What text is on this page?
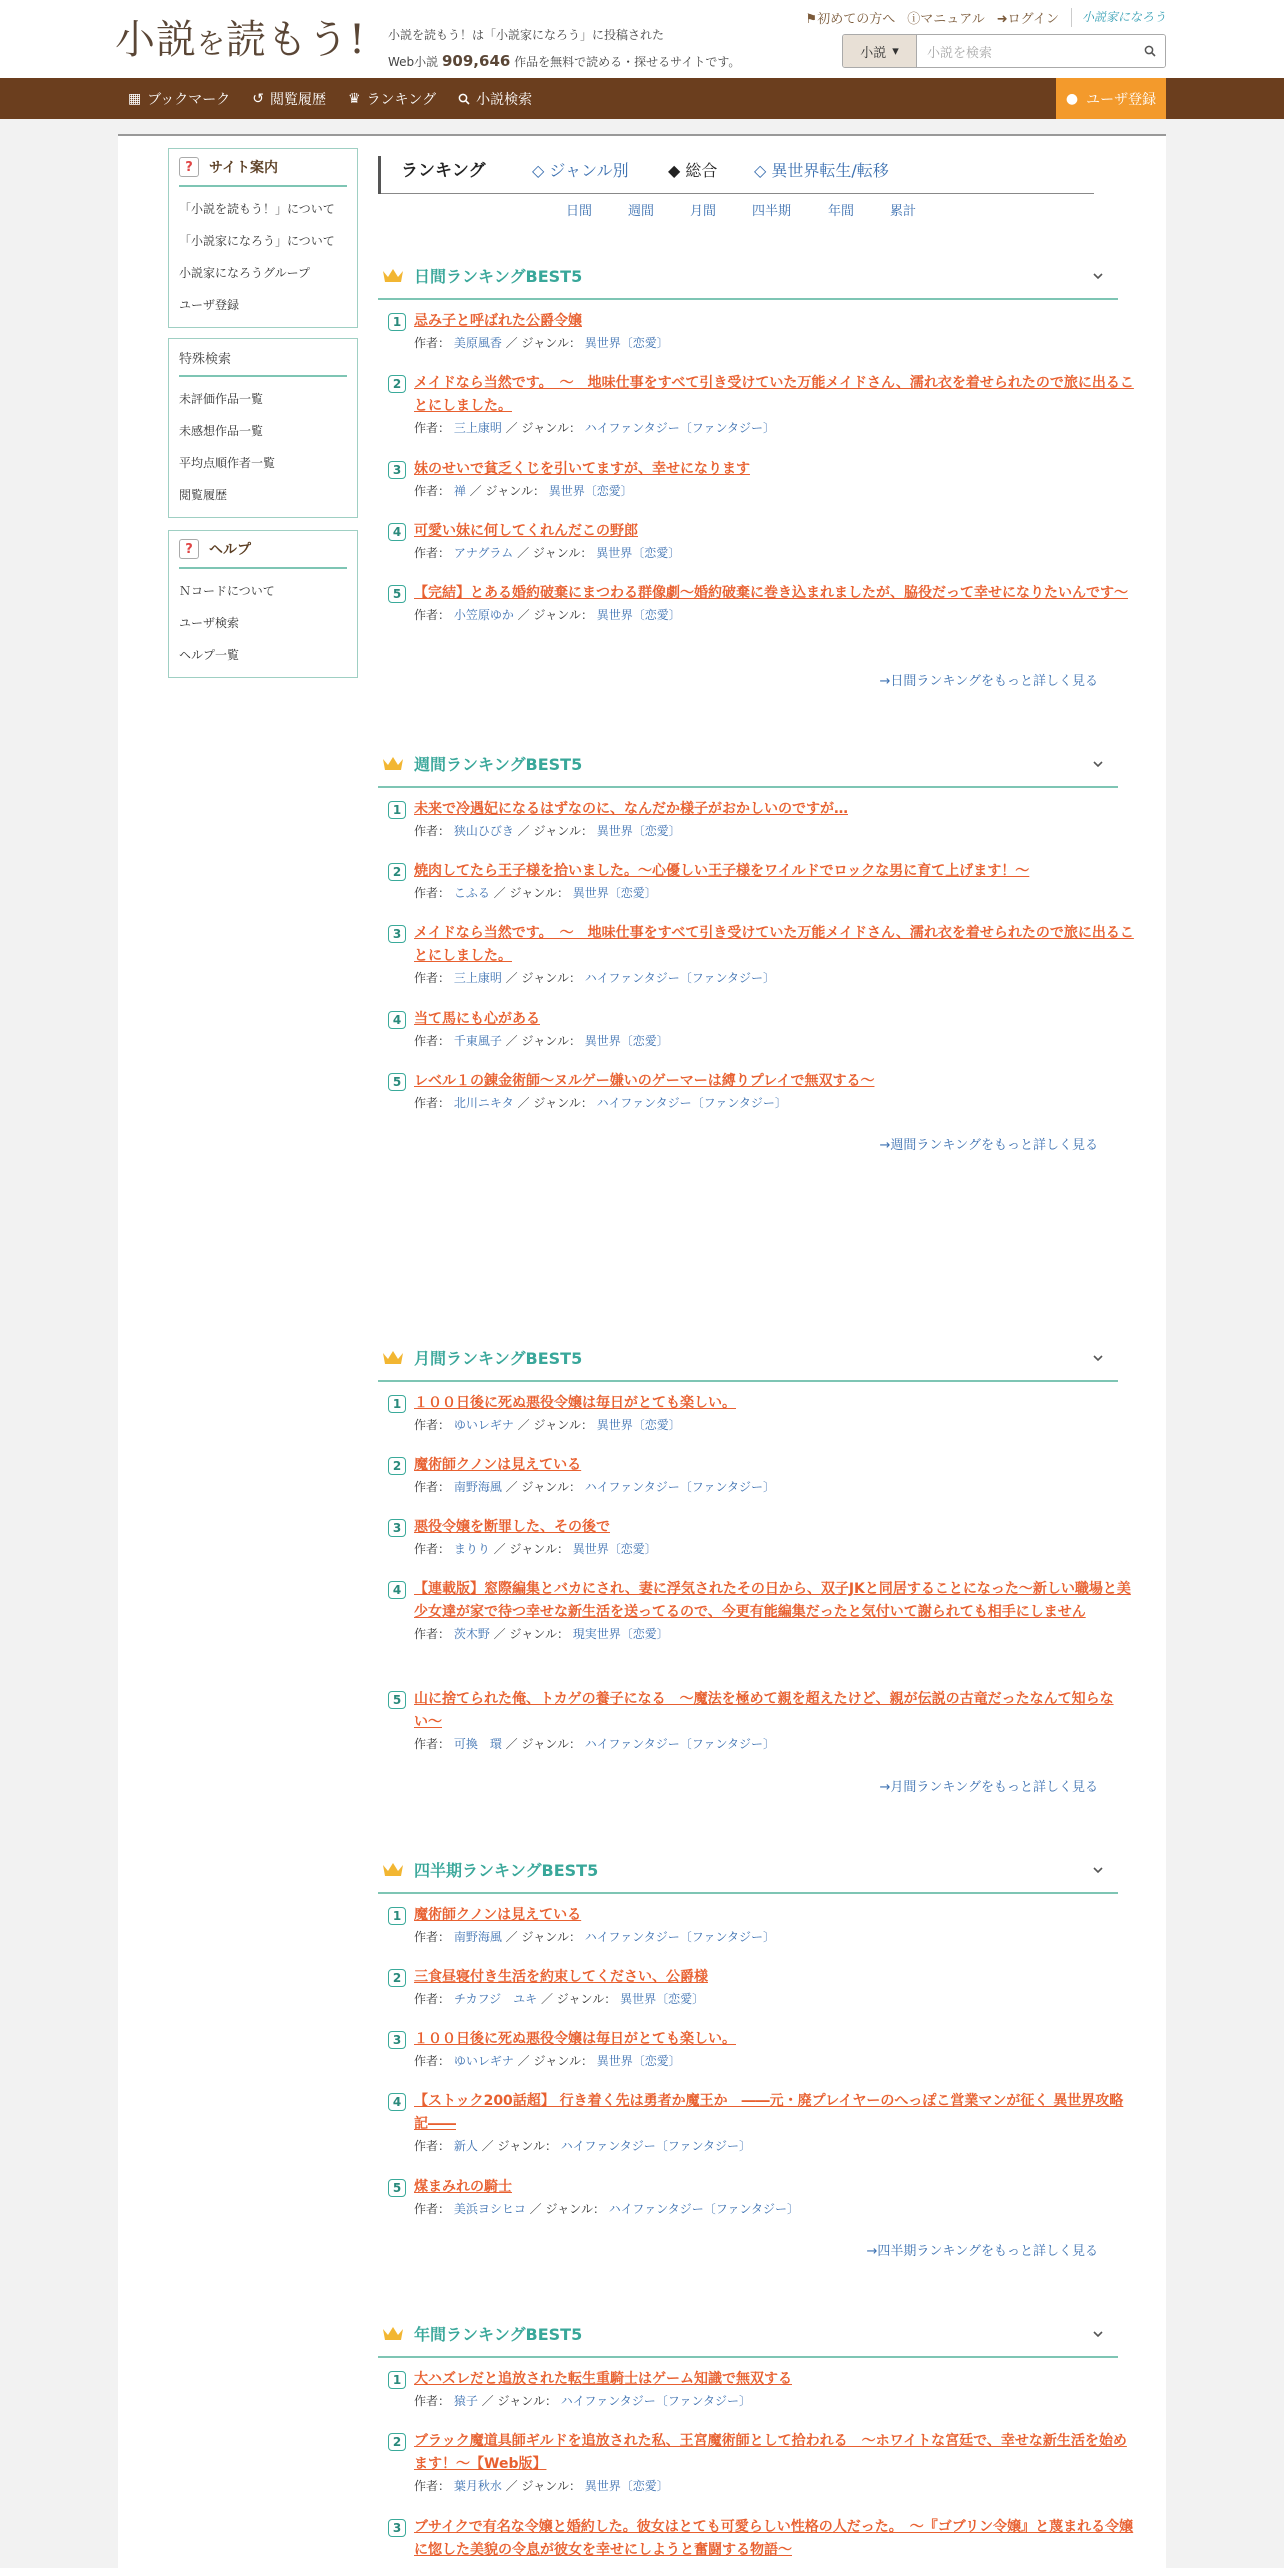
小説を読もう!	小説を読もう！は「小説家になろう」に投稿された
Web小説 909,646 作品を無料で読める・探せるサイトです。
⚑初めての方へ ⓘマニュアル ➜ログイン	小説家になろう
小説 ▾	小説を検索
▦ ブックマーク ↺ 閲覧履歴 ♛ ランキング	小説検索	● ユーザ登録
?	サイト案内
「小説を読もう！」について
「小説家になろう」について
小説家になろうグループ
ユーザ登録
特殊検索
未評価作品一覧
未感想作品一覧
平均点順作者一覧
閲覧履歴
?	ヘルプ
Ｎコードについて
ユーザ検索
ヘルプ一覧
ランキング	◇ ジャンル別 ◆ 総合 ◇ 異世界転生/転移
日間	週間	月間	四半期	年間	累計
日間ランキングBEST5
1 忌み子と呼ばれた公爵令嬢
作者： 美原風香 ／ ジャンル： 異世界〔恋愛〕
2 メイドなら当然です。　〜　地味仕事をすべて引き受けていた万能メイドさん、濡れ衣を着せられたので旅に出ることにしました。
作者： 三上康明 ／ ジャンル： ハイファンタジー〔ファンタジー〕
3 妹のせいで貧乏くじを引いてますが、幸せになります
作者： 禅 ／ ジャンル： 異世界〔恋愛〕
4 可愛い妹に何してくれんだこの野郎
作者： アナグラム ／ ジャンル： 異世界〔恋愛〕
5 【完結】とある婚約破棄にまつわる群像劇～婚約破棄に巻き込まれましたが、脇役だって幸せになりたいんです～
作者： 小笠原ゆか ／ ジャンル： 異世界〔恋愛〕
→日間ランキングをもっと詳しく見る
週間ランキングBEST5
1 未来で冷遇妃になるはずなのに、なんだか様子がおかしいのですが…
作者： 狭山ひびき ／ ジャンル： 異世界〔恋愛〕
2 焼肉してたら王子様を拾いました。～心優しい王子様をワイルドでロックな男に育て上げます！～
作者： こふる ／ ジャンル： 異世界〔恋愛〕
3 メイドなら当然です。　〜　地味仕事をすべて引き受けていた万能メイドさん、濡れ衣を着せられたので旅に出ることにしました。
作者： 三上康明 ／ ジャンル： ハイファンタジー〔ファンタジー〕
4 当て馬にも心がある
作者： 千東風子 ／ ジャンル： 異世界〔恋愛〕
5 レベル１の錬金術師～ヌルゲー嫌いのゲーマーは縛りプレイで無双する～
作者： 北川ニキタ ／ ジャンル： ハイファンタジー〔ファンタジー〕
→週間ランキングをもっと詳しく見る
月間ランキングBEST5
1 １００日後に死ぬ悪役令嬢は毎日がとても楽しい。
作者： ゆいレギナ ／ ジャンル： 異世界〔恋愛〕
2 魔術師クノンは見えている
作者： 南野海風 ／ ジャンル： ハイファンタジー〔ファンタジー〕
3 悪役令嬢を断罪した、その後で
作者： まりり ／ ジャンル： 異世界〔恋愛〕
4 【連載版】窓際編集とバカにされ、妻に浮気されたその日から、双子JKと同居することになった〜新しい職場と美少女達が家で待つ幸せな新生活を送ってるので、今更有能編集だったと気付いて謝られても相手にしません
作者： 茨木野 ／ ジャンル： 現実世界〔恋愛〕
5 山に捨てられた俺、トカゲの養子になる　〜魔法を極めて親を超えたけど、親が伝説の古竜だったなんて知らない〜
作者： 可換　環 ／ ジャンル： ハイファンタジー〔ファンタジー〕
→月間ランキングをもっと詳しく見る
四半期ランキングBEST5
1 魔術師クノンは見えている
作者： 南野海風 ／ ジャンル： ハイファンタジー〔ファンタジー〕
2 三食昼寝付き生活を約束してください、公爵様
作者： チカフジ　ユキ ／ ジャンル： 異世界〔恋愛〕
3 １００日後に死ぬ悪役令嬢は毎日がとても楽しい。
作者： ゆいレギナ ／ ジャンル： 異世界〔恋愛〕
4 【ストック200話超】 行き着く先は勇者か魔王か　――元・廃プレイヤーのへっぽこ営業マンが征く 異世界攻略記――
作者： 新人 ／ ジャンル： ハイファンタジー〔ファンタジー〕
5 煤まみれの騎士
作者： 美浜ヨシヒコ ／ ジャンル： ハイファンタジー〔ファンタジー〕
→四半期ランキングをもっと詳しく見る
年間ランキングBEST5
1 大ハズレだと追放された転生重騎士はゲーム知識で無双する
作者： 猿子 ／ ジャンル： ハイファンタジー〔ファンタジー〕
2 ブラック魔道具師ギルドを追放された私、王宮魔術師として拾われる　～ホワイトな宮廷で、幸せな新生活を始めます！～【Web版】
作者： 葉月秋水 ／ ジャンル： 異世界〔恋愛〕
3 ブサイクで有名な令嬢と婚約した。彼女はとても可愛らしい性格の人だった。　～『ゴブリン令嬢』と蔑まれる令嬢に惚した美貌の令息が彼女を幸せにしようと奮闘する物語～
